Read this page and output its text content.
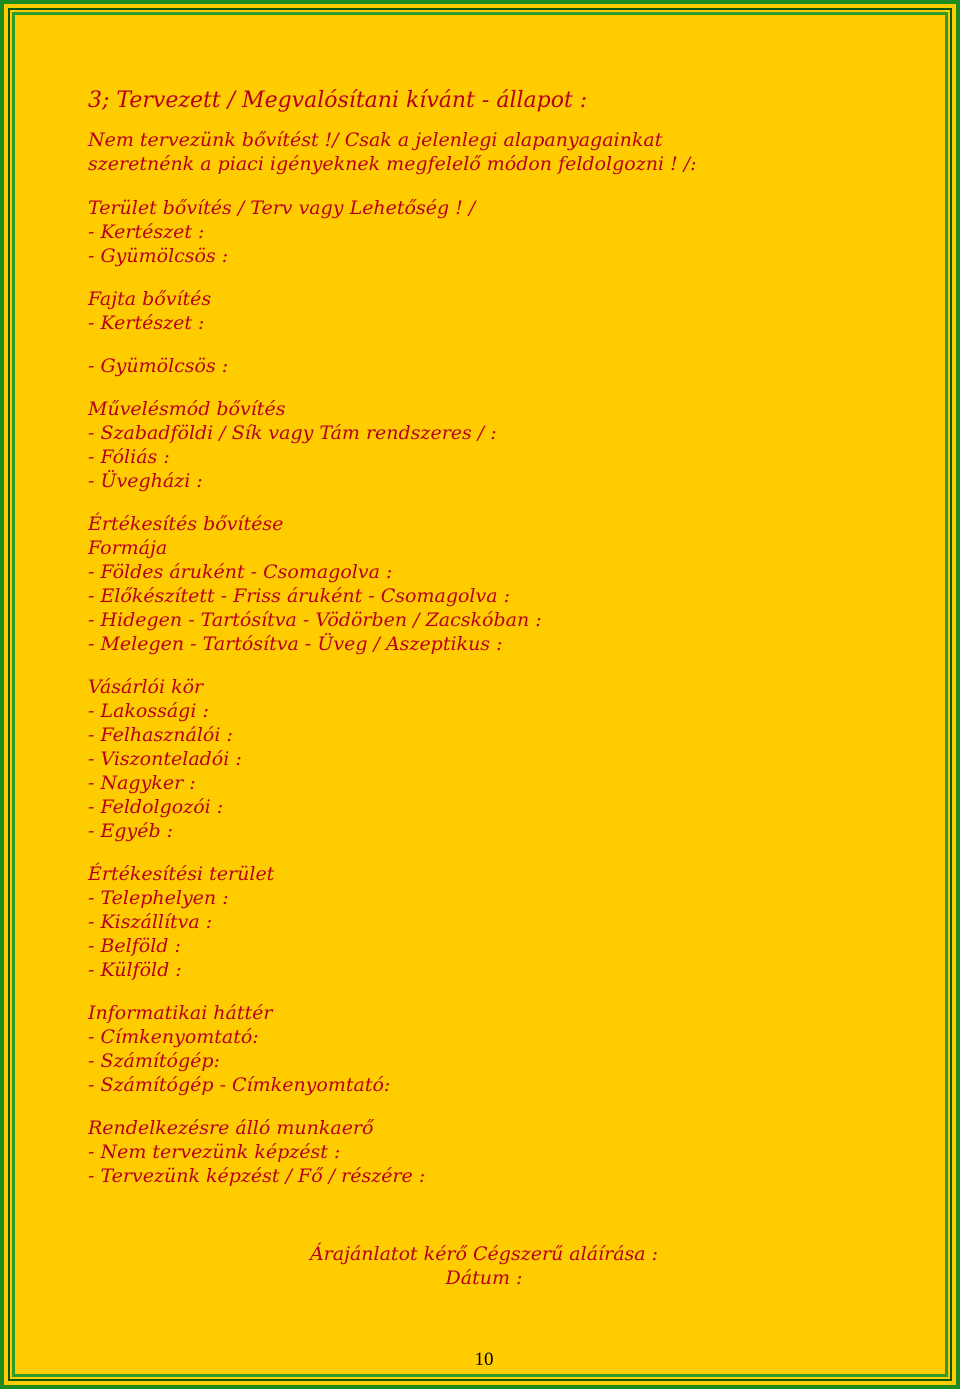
3; Tervezett / Megvalósítani kívánt - állapot :
Nem tervezünk bővítést !/ Csak a jelenlegi alapanyagainkat
szeretnénk a piaci igényeknek megfelelő módon feldolgozni ! /:
Terület bővítés / Terv vagy Lehetőség ! /
- Kertészet :
- Gyümölcsös :
Fajta bővítés
- Kertészet :
- Gyümölcsös :
Művelésmód bővítés
- Szabadföldi / Sík vagy Tám rendszeres / :
- Fóliás :
- Üvegházi :
Értékesítés bővítése
Formája
- Földes áruként - Csomagolva :
- Előkészített - Friss áruként - Csomagolva :
- Hidegen - Tartósítva - Vödörben / Zacskóban :
- Melegen - Tartósítva - Üveg / Aszeptikus :
Vásárlói kör
- Lakossági :
- Felhasználói :
- Viszonteladói :
- Nagyker :
- Feldolgozói :
- Egyéb :
Értékesítési terület
- Telephelyen :
- Kiszállítva :
- Belföld :
- Külföld :
Informatikai háttér
- Címkenyomtató:
- Számítógép:
- Számítógép - Címkenyomtató:
Rendelkezésre álló munkaerő
- Nem tervezünk képzést :
- Tervezünk képzést / Fő / részére :
Árajánlatot kérő Cégszerű aláírása :
Dátum :
10
